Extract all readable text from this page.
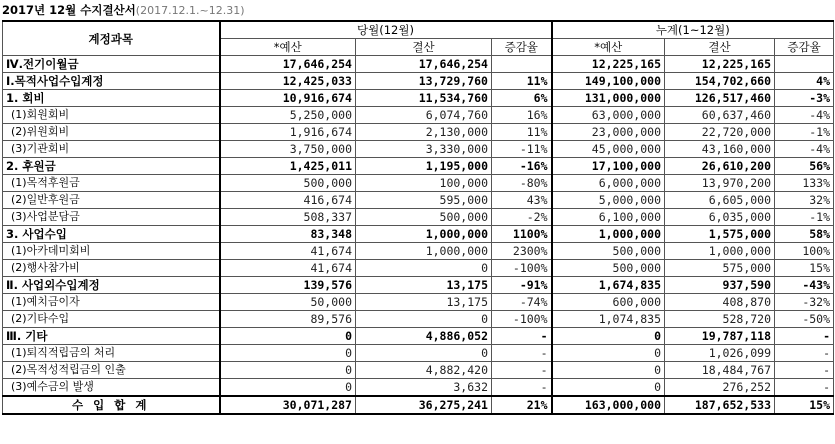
2017년 12월 수지결산서(2017.12.1.~12.31)
계정과목	당월(12월)			누계(1~12월)		
	*예산	결산	증감율	*예산	결산	증감율
Ⅳ.전기이월금	17,646,254	17,646,254		12,225,165	12,225,165	
Ⅰ.목적사업수입계정	12,425,033	13,729,760	11%	149,100,000	154,702,660	4%
1. 회비	10,916,674	11,534,760	6%	131,000,000	126,517,460	-3%
(1)회원회비	5,250,000	6,074,760	16%	63,000,000	60,637,460	-4%
(2)위원회비	1,916,674	2,130,000	11%	23,000,000	22,720,000	-1%
(3)기관회비	3,750,000	3,330,000	-11%	45,000,000	43,160,000	-4%
2. 후원금	1,425,011	1,195,000	-16%	17,100,000	26,610,200	56%
(1)목적후원금	500,000	100,000	-80%	6,000,000	13,970,200	133%
(2)일반후원금	416,674	595,000	43%	5,000,000	6,605,000	32%
(3)사업분담금	508,337	500,000	-2%	6,100,000	6,035,000	-1%
3. 사업수입	83,348	1,000,000	1100%	1,000,000	1,575,000	58%
(1)아카데미회비	41,674	1,000,000	2300%	500,000	1,000,000	100%
(2)행사참가비	41,674	0	-100%	500,000	575,000	15%
Ⅱ. 사업외수입계정	139,576	13,175	-91%	1,674,835	937,590	-43%
(1)예치금이자	50,000	13,175	-74%	600,000	408,870	-32%
(2)기타수입	89,576	0	-100%	1,074,835	528,720	-50%
Ⅲ. 기타	0	4,886,052	-	0	19,787,118	-
(1)퇴직적립금의 처리	0	0	-	0	1,026,099	-
(2)목적성적립금의 인출	0	4,882,420	-	0	18,484,767	-
(3)예수금의 발생	0	3,632	-	0	276,252	-
수 입 합 계	30,071,287	36,275,241	21%	163,000,000	187,652,533	15%
